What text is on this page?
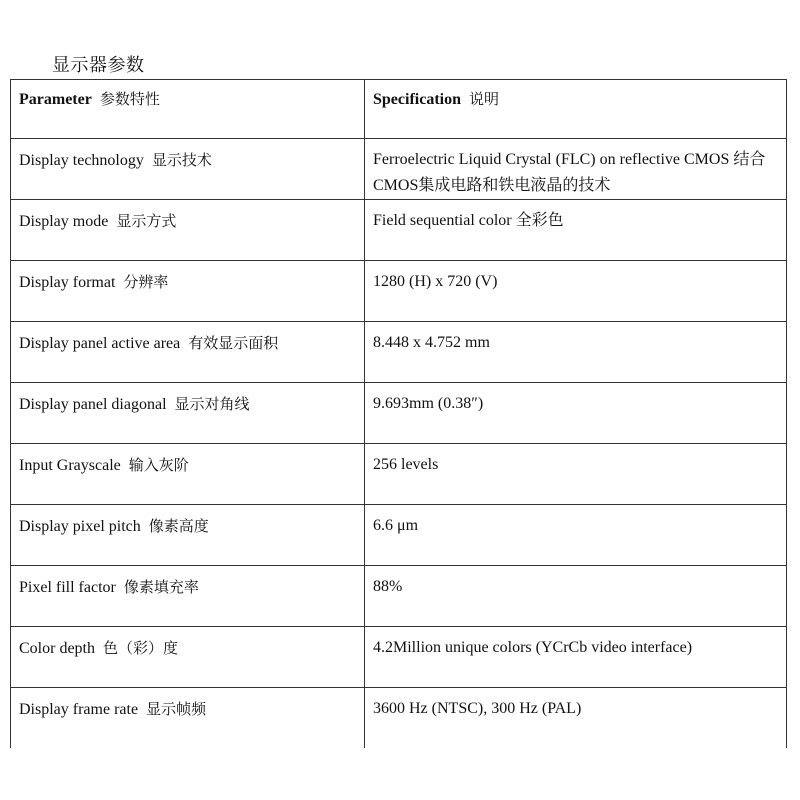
显示器参数
Parameter 参数特性	Specification 说明
Display technology 显示技术	Ferroelectric Liquid Crystal (FLC) on reflective CMOS 结合CMOS集成电路和铁电液晶的技术
Display mode 显示方式	Field sequential color 全彩色
Display format 分辨率	1280 (H) x 720 (V)
Display panel active area 有效显示面积	8.448 x 4.752 mm
Display panel diagonal 显示对角线	9.693mm (0.38″)
Input Grayscale 输入灰阶	256 levels
Display pixel pitch 像素高度	6.6 μm
Pixel fill factor 像素填充率	88%
Color depth 色（彩）度	4.2Million unique colors (YCrCb video interface)
Display frame rate 显示帧频	3600 Hz (NTSC), 300 Hz (PAL)
